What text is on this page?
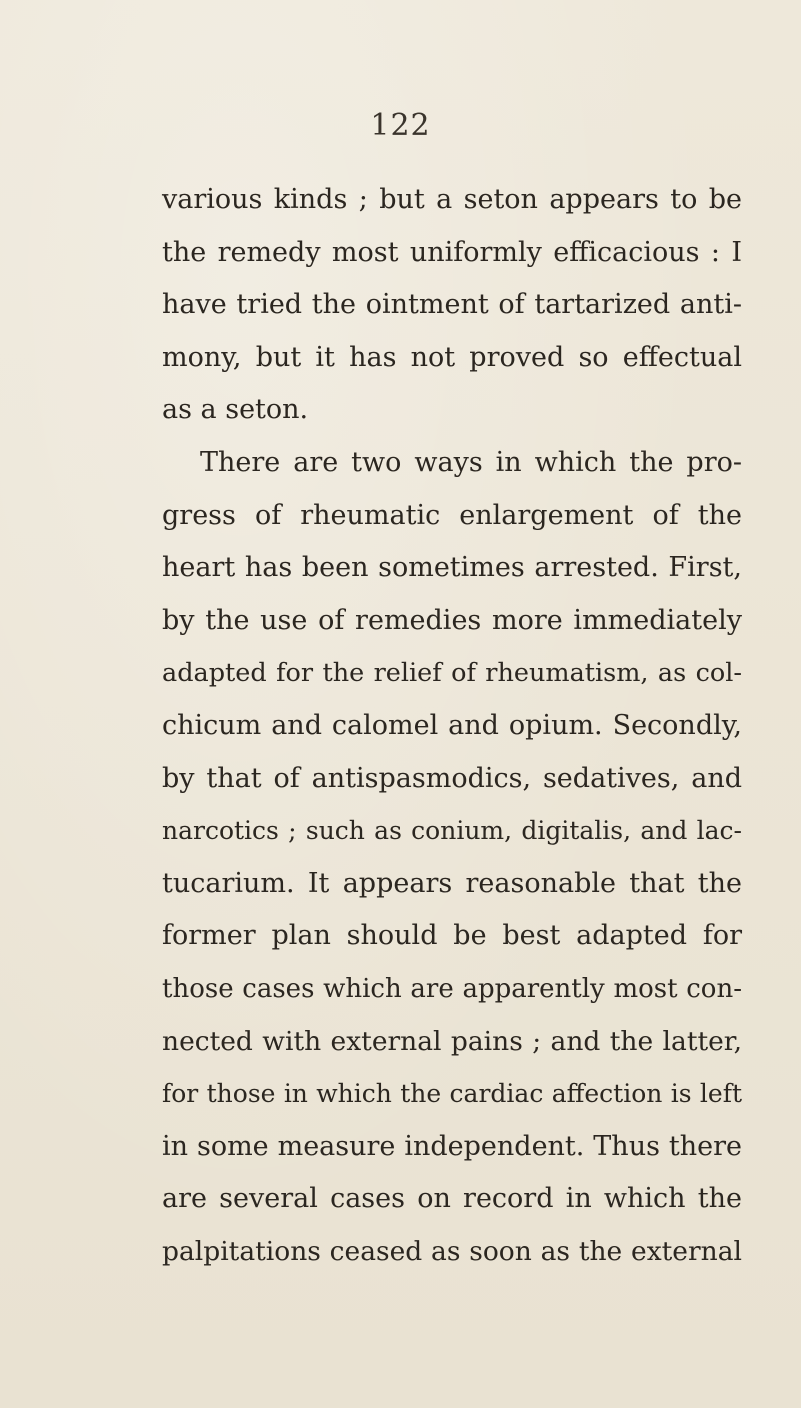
122
various kinds ; but a seton appears to be
the remedy most uniformly efficacious : I
have tried the ointment of tartarized anti-
mony, but it has not proved so effectual
as a seton.
There are two ways in which the pro-
gress of rheumatic enlargement of the
heart has been sometimes arrested. First,
by the use of remedies more immediately
adapted for the relief of rheumatism, as col-
chicum and calomel and opium. Secondly,
by that of antispasmodics, sedatives, and
narcotics ; such as conium, digitalis, and lac-
tucarium. It appears reasonable that the
former plan should be best adapted for
those cases which are apparently most con-
nected with external pains ; and the latter,
for those in which the cardiac affection is left
in some measure independent. Thus there
are several cases on record in which the
palpitations ceased as soon as the external
